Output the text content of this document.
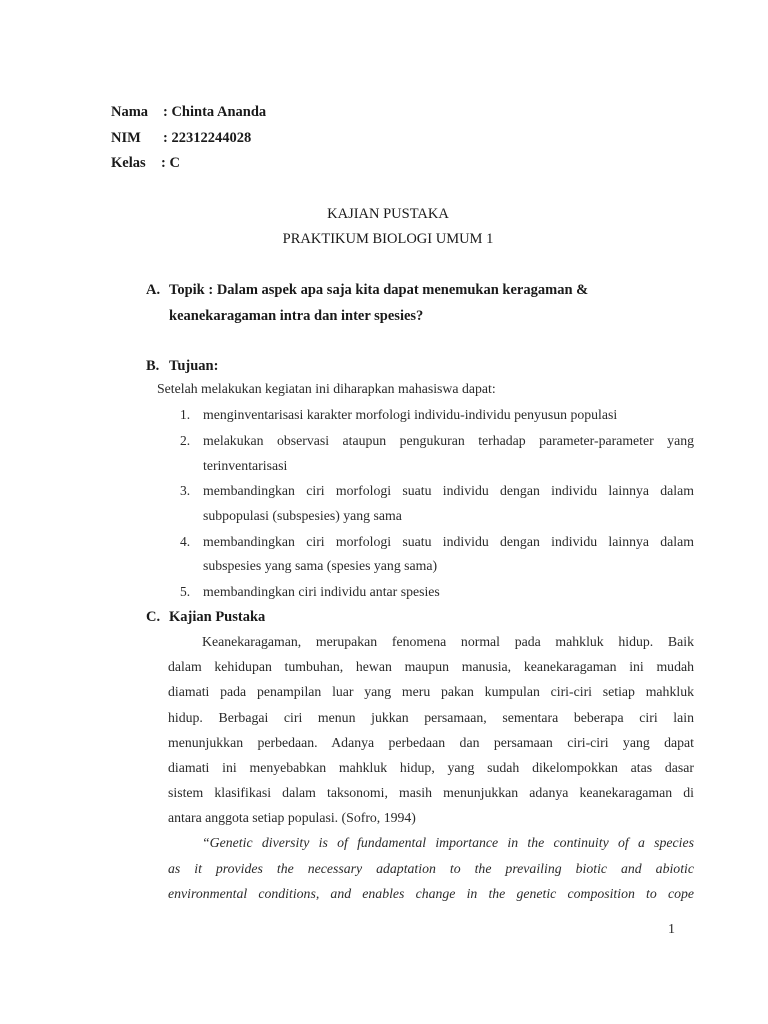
Nama : Chinta Ananda
NIM : 22312244028
Kelas : C
KAJIAN PUSTAKA
PRAKTIKUM BIOLOGI UMUM 1
A. Topik : Dalam aspek apa saja kita dapat menemukan keragaman &
keanekaragaman intra dan inter spesies?
B. Tujuan:
Setelah melakukan kegiatan ini diharapkan mahasiswa dapat:
1. menginventarisasi karakter morfologi individu-individu penyusun populasi
2. melakukan observasi ataupun pengukuran terhadap parameter-parameter yang
terinventarisasi
3. membandingkan ciri morfologi suatu individu dengan individu lainnya dalam
subpopulasi (subspesies) yang sama
4. membandingkan ciri morfologi suatu individu dengan individu lainnya dalam
subspesies yang sama (spesies yang sama)
5. membandingkan ciri individu antar spesies
C. Kajian Pustaka
Keanekaragaman, merupakan fenomena normal pada mahkluk hidup. Baik
dalam kehidupan tumbuhan, hewan maupun manusia, keanekaragaman ini mudah
diamati pada penampilan luar yang meru pakan kumpulan ciri-ciri setiap mahkluk
hidup. Berbagai ciri menun jukkan persamaan, sementara beberapa ciri lain
menunjukkan perbedaan. Adanya perbedaan dan persamaan ciri-ciri yang dapat
diamati ini menyebabkan mahkluk hidup, yang sudah dikelompokkan atas dasar
sistem klasifikasi dalam taksonomi, masih menunjukkan adanya keanekaragaman di
antara anggota setiap populasi. (Sofro, 1994)
“Genetic diversity is of fundamental importance in the continuity of a species
as it provides the necessary adaptation to the prevailing biotic and abiotic
environmental conditions, and enables change in the genetic composition to cope
1
